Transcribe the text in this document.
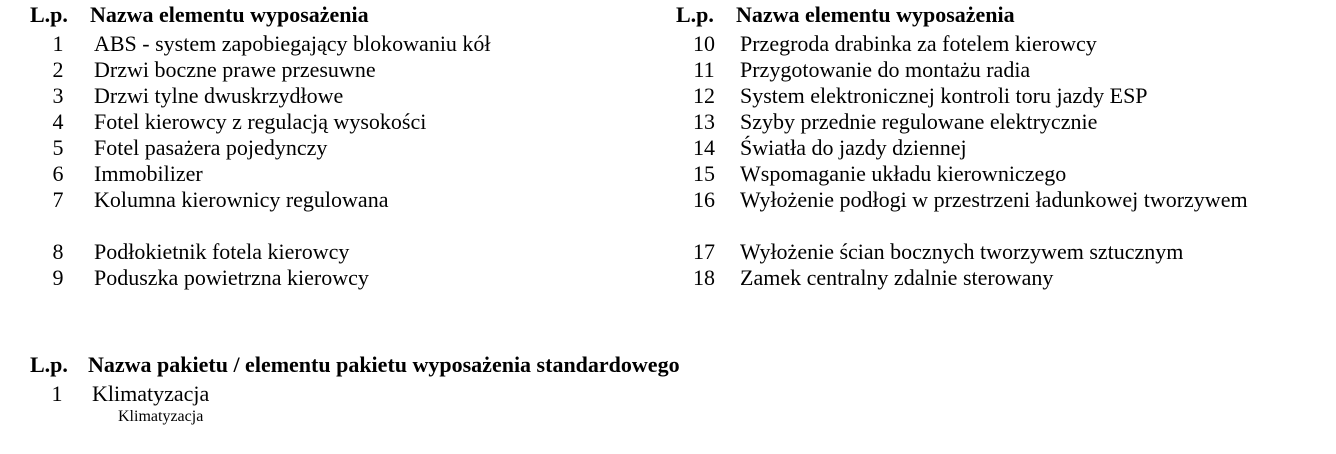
L.p.	Nazwa elementu wyposażenia
1	ABS - system zapobiegający blokowaniu kół
2	Drzwi boczne prawe przesuwne
3	Drzwi tylne dwuskrzydłowe
4	Fotel kierowcy z regulacją wysokości
5	Fotel pasażera pojedynczy
6	Immobilizer
7	Kolumna kierownicy regulowana
8	Podłokietnik fotela kierowcy
9	Poduszka powietrzna kierowcy
L.p.	Nazwa elementu wyposażenia
10	Przegroda drabinka za fotelem kierowcy
11	Przygotowanie do montażu radia
12	System elektronicznej kontroli toru jazdy ESP
13	Szyby przednie regulowane elektrycznie
14	Światła do jazdy dziennej
15	Wspomaganie układu kierowniczego
16	Wyłożenie podłogi w przestrzeni ładunkowej tworzywem
17	Wyłożenie ścian bocznych tworzywem sztucznym
18	Zamek centralny zdalnie sterowany
L.p.	Nazwa pakietu / elementu pakietu wyposażenia standardowego
1	Klimatyzacja
Klimatyzacja
